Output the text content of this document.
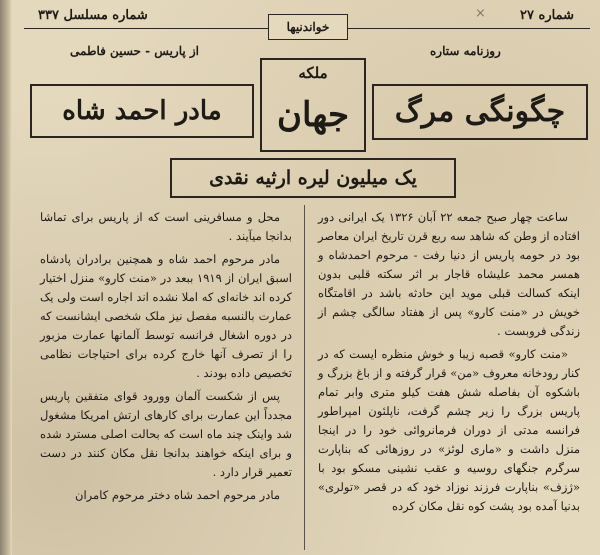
شماره مسلسل ۳۳۷	×	شماره ۲۷
خواندنیها
روزنامه ستاره
از پاریس - حسین فاطمی
چگونگی مرگ
ملکه
جهان
مادر احمد شاه
یک میلیون لیره ارثیه نقدی

ساعت چهار صبح جمعه ۲۲ آبان ۱۳۲۶ یک ایرانی دور افتاده از وطن که شاهد سه ربع قرن تاریخ ایران معاصر بود در حومه پاریس از دنیا رفت - مرحوم احمدشاه و همسر محمد علیشاه قاجار بر اثر سکته قلبی بدون اینکه کسالت قبلی موید این حادثه باشد در اقامتگاه خویش در «منت کارو» پس از هفتاد سالگی چشم از زندگی فروبست .

«منت کارو» قصبه زیبا و خوش منظره ایست که در کنار رودخانه معروف «من» قرار گرفته و از باغ بزرگ و باشکوه آن بفاصله شش هفت کیلو متری وابر تمام پاریس بزرگ را زیر چشم گرفت، ناپلئون امپراطور فرانسه مدتی از دوران فرمانروائی خود را در اینجا منزل داشت و «ماری لوئز» در روزهائی که بناپارت سرگرم جنگهای روسیه و عقب نشینی مسکو بود با «ژزف» بناپارت فرزند نوزاد خود که در قصر «تولری» بدنیا آمده بود پشت کوه نقل مکان کرده

محل و مسافرینی است که از پاریس برای تماشا بدانجا میآیند .

مادر مرحوم احمد شاه و همچنین برادران پادشاه اسبق ایران از ۱۹۱۹ ببعد در «منت کارو» منزل اختیار کرده اند خانه‌ای که املا نشده اند اجاره است ولی یک عمارت بالنسبه مفصل نیز ملک شخصی ایشانست که در دوره اشغال فرانسه توسط آلمانها عمارت مزبور را از تصرف آنها خارج کرده برای احتیاجات نظامی تخصیص داده بودند .

پس از شکست آلمان وورود قوای متفقین پاریس مجدداً این عمارت برای کارهای ارتش امریکا مشغول شد واینک چند ماه است که بحالت اصلی مسترد شده و برای اینکه خواهند بدانجا نقل مکان کنند در دست تعمیر قرار دارد .

مادر مرحوم احمد شاه دختر مرحوم کامران
